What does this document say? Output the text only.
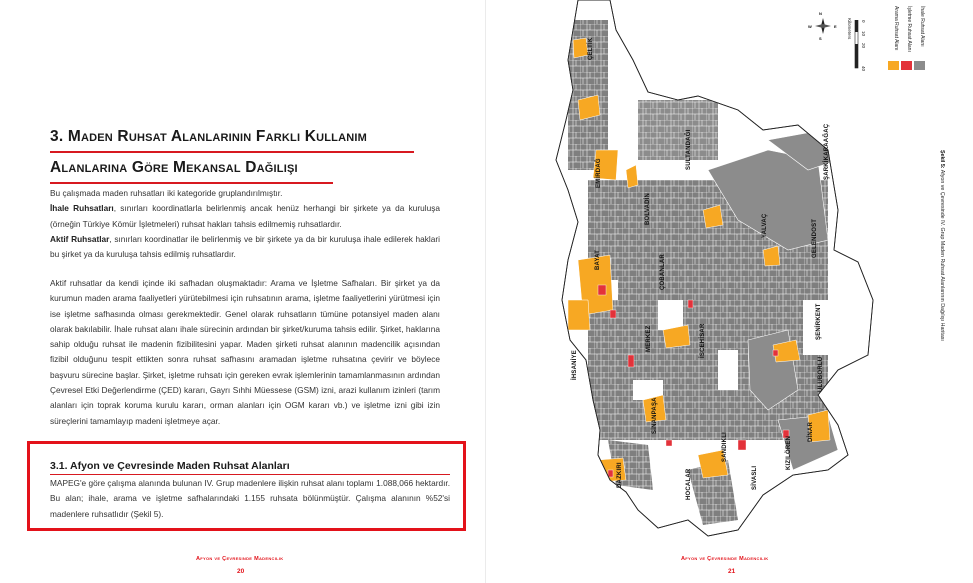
3. Maden Ruhsat Alanlarının Farklı Kullanım
Alanlarına Göre Mekansal Dağılışı

Bu çalışmada maden ruhsatları iki kategoride gruplandırılmıştır.

İhale Ruhsatları, sınırları koordinatlarla belirlenmiş ancak henüz herhangi bir şirkete ya da kuruluşa (örneğin Türkiye Kömür İşletmeleri) ruhsat hakları tahsis edilmemiş ruhsatlardır.

Aktif Ruhsatlar, sınırları koordinatlar ile belirlenmiş ve bir şirkete ya da bir kuruluşa ihale edilerek haklari bu şirket ya da kuruluşa tahsis edilmiş ruhsatlardır.

Aktif ruhsatlar da kendi içinde iki safhadan oluşmaktadır: Arama ve İşletme Safhaları. Bir şirket ya da kurumun maden arama faaliyetleri yürütebilmesi için ruhsatının arama, işletme faaliyetlerini yürütmesi için ise işletme safhasında olması gerekmektedir. Genel olarak ruhsatların tümüne potansiyel maden alanı olarak bakılabilir. İhale ruhsat alanı ihale sürecinin ardından bir şirket/kuruma tahsis edilir. Şirket, haklarına sahip olduğu ruhsat ile madenin fizibilitesini yapar. Maden şirketi ruhsat alanının madencilik açısından fizibil olduğunu tespit ettikten sonra ruhsat safhasını aramadan işletme ruhsatına çevirir ve böylece başvuru sürecine başlar. Şirket, işletme ruhsatı için gereken evrak işlemlerinin tamamlanmasının ardından Çevresel Etki Değerlendirme (ÇED) kararı, Gayrı Sıhhi Müessese (GSM) izni, arazi kullanım izinleri (tarım alanları için toprak koruma kurulu kararı, orman alanları için OGM kararı vb.) ve işletme izni gibi izin süreçlerini tamamlayıp madeni işletmeye açar.

Afyon ve Çevresinde Madencilik
20
3.1. Afyon ve Çevresinde Maden Ruhsat Alanları
MAPEG'e göre çalışma alanında bulunan IV. Grup madenlere ilişkin ruhsat alanı toplamı 1.088,066 hektardır. Bu alan; ihale, arama ve işletme safhalarındaki 1.155 ruhsata bölünmüştür. Çalışma alanının %52'si madenlere ruhsatlıdır (Şekil 5).
Afyon ve Çevresinde Madencilik
21
ÇELTİK
EMİRDAĞ
SULTANDAĞI	ŞARKİKARAAĞAÇ
YALVAÇ	GELENDOST
BOLVADİN
BAYAT	ÇOBANLAR
ŞENİRKENT
İHSANİYE
MERKEZ	İSCEHİSAR
ULUBORLU
SİNANPAŞA
SANDIKLI
DİNAR
KIZILÖREN
DAZKIRI	HOCALAR	SİVASLI
N
S
W	E Kilometers 0
10
20
40
Arama Ruhsat Alanı İşletme Ruhsat Alanı İhale Ruhsat Alanı
Şekil 5: Afyon ve Çevresinde IV. Grup Maden Ruhsat Alanlarının Dağılışı Haritası
